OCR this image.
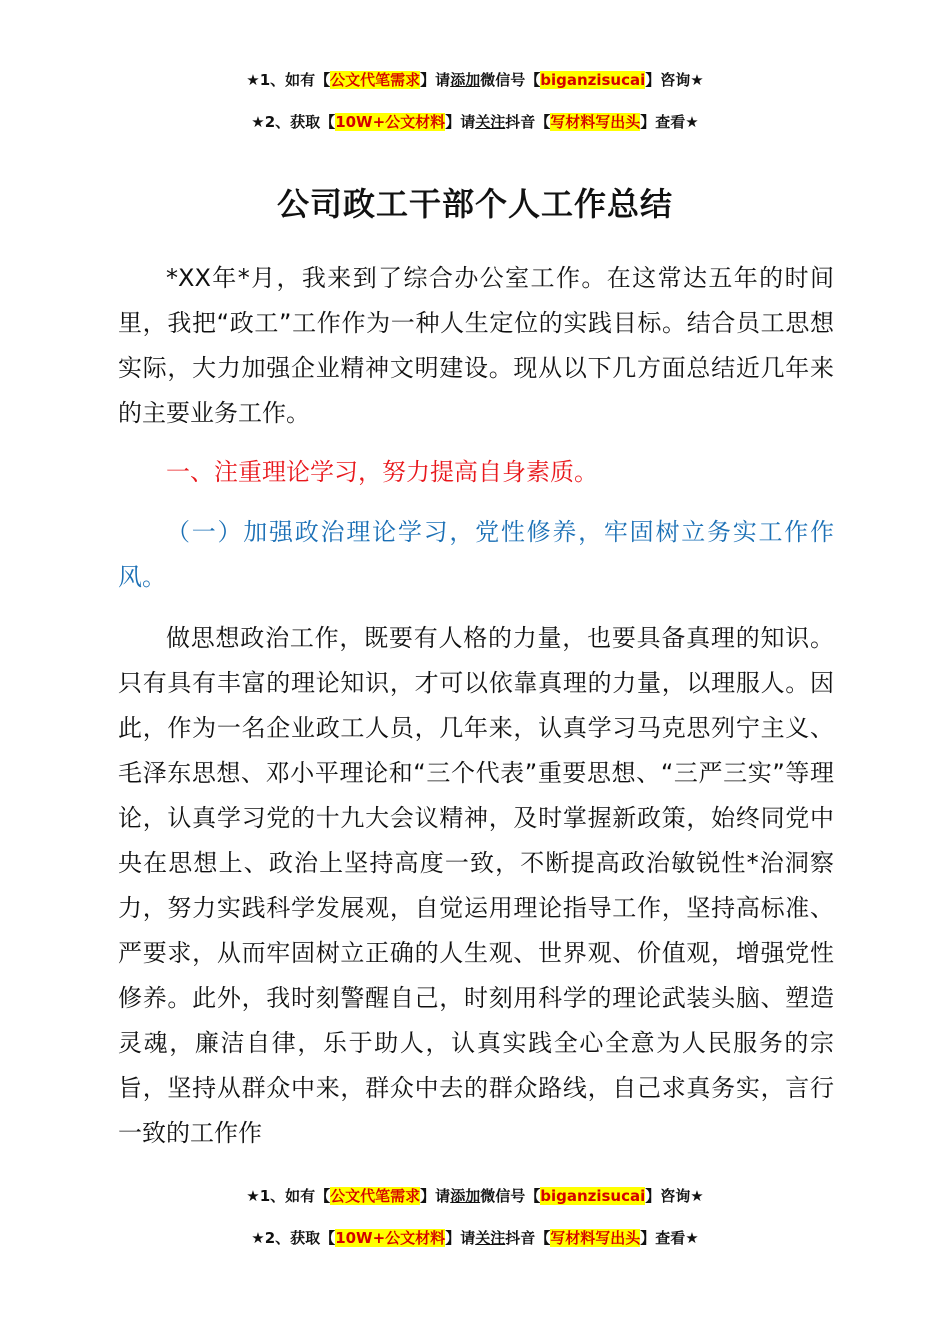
★1、如有【公文代笔需求】请添加微信号【biganzisucai】咨询★
★2、获取【10W+公文材料】请关注抖音【写材料写出头】查看★
公司政工干部个人工作总结

*XX年*月，我来到了综合办公室工作。在这常达五年的时间里，我把“政工”工作作为一种人生定位的实践目标。结合员工思想实际，大力加强企业精神文明建设。现从以下几方面总结近几年来的主要业务工作。

一、注重理论学习，努力提高自身素质。

（一）加强政治理论学习，党性修养，牢固树立务实工作作风。

做思想政治工作，既要有人格的力量，也要具备真理的知识。只有具有丰富的理论知识，才可以依靠真理的力量，以理服人。因此，作为一名企业政工人员，几年来，认真学习马克思列宁主义、毛泽东思想、邓小平理论和“三个代表”重要思想、“三严三实”等理论，认真学习党的十九大会议精神，及时掌握新政策，始终同党中央在思想上、政治上坚持高度一致，不断提高政治敏锐性*治洞察力，努力实践科学发展观，自觉运用理论指导工作，坚持高标准、严要求，从而牢固树立正确的人生观、世界观、价值观，增强党性修养。此外，我时刻警醒自己，时刻用科学的理论武装头脑、塑造灵魂，廉洁自律，乐于助人，认真实践全心全意为人民服务的宗旨，坚持从群众中来，群众中去的群众路线，自己求真务实，言行一致的工作作

★1、如有【公文代笔需求】请添加微信号【biganzisucai】咨询★
★2、获取【10W+公文材料】请关注抖音【写材料写出头】查看★
